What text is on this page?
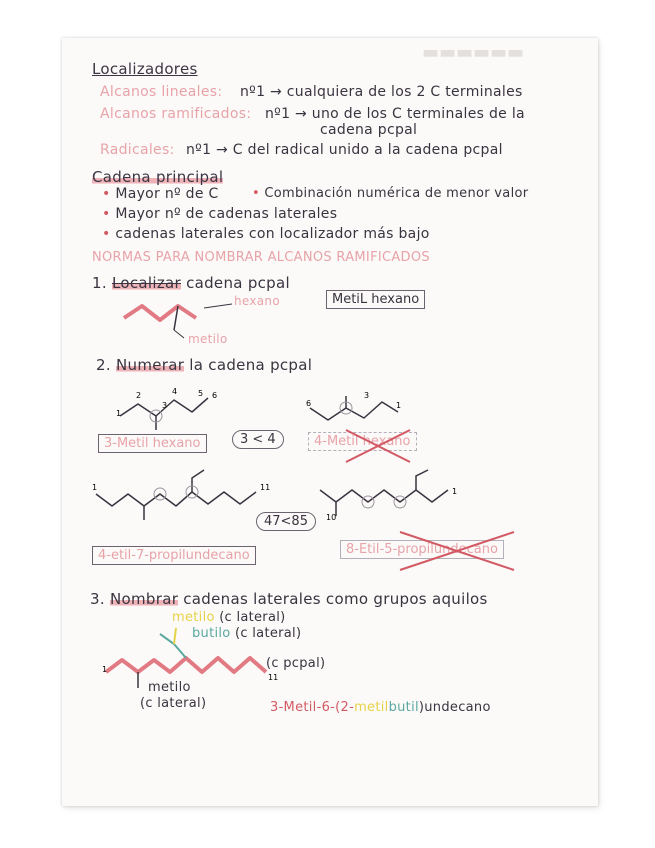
▬▬▬▬▬▬
Localizadores
Alcanos lineales: nº1 → cualquiera de los 2 C terminales
Alcanos ramificados: nº1 → uno de los C terminales de la
cadena pcpal
Radicales: nº1 → C del radical unido a la cadena pcpal
Cadena principal
• Mayor nº de C	• Combinación numérica de menor valor
• Mayor nº de cadenas laterales
• cadenas laterales con localizador más bajo
NORMAS PARA NOMBRAR ALCANOS RAMIFICADOS
1. Localizar cadena pcpal
hexano
metilo
MetiL hexano
2. Numerar la cadena pcpal
1
2
3
4	5 6
6
3
1
3-Metil hexano	3 < 4	4-Metil hexano
1	11
10
1
47<85
4-etil-7-propilundecano	8-Etil-5-propilundecano
3. Nombrar cadenas laterales como grupos aquilos
metilo (c lateral)
butilo (c lateral)
1
11
(c pcpal)
metilo
(c lateral)	3-Metil-6-(2-metilbutil)undecano
